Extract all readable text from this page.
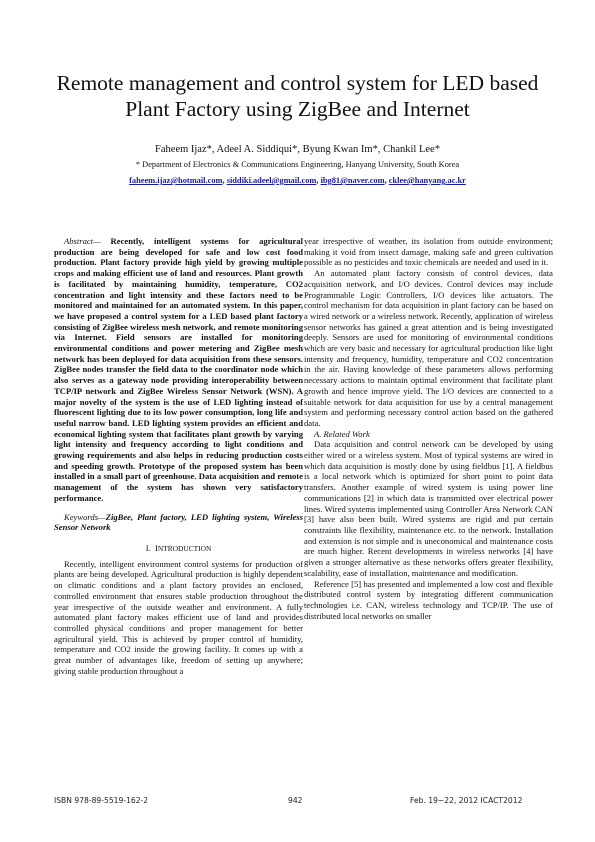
Remote management and control system for LED based Plant Factory using ZigBee and Internet
Faheem Ijaz*, Adeel A. Siddiqui*, Byung Kwan Im*, Chankil Lee*
* Department of Electronics & Communications Engineering, Hanyang University, South Korea
faheem.ijaz@hotmail.com, siddiki.adeel@gmail.com, ibg81@naver.com, cklee@hanyang.ac.kr

Abstract— Recently, intelligent systems for agricultural production are being developed for safe and low cost food production. Plant factory provide high yield by growing multiple crops and making efficient use of land and resources. Plant growth is facilitated by maintaining humidity, temperature, CO2 concentration and light intensity and these factors need to be monitored and maintained for an automated system. In this paper, we have proposed a control system for a LED based plant factory consisting of ZigBee wireless mesh network, and remote monitoring via Internet. Field sensors are installed for monitoring environmental conditions and power metering and ZigBee mesh network has been deployed for data acquisition from these sensors. ZigBee nodes transfer the field data to the coordinator node which also serves as a gateway node providing interoperability between TCP/IP network and ZigBee Wireless Sensor Network (WSN). A major novelty of the system is the use of LED lighting instead of fluorescent lighting due to its low power consumption, long life and useful narrow band. LED lighting system provides an efficient and economical lighting system that facilitates plant growth by varying light intensity and frequency according to light conditions and growing requirements and also helps in reducing production costs and speeding growth. Prototype of the proposed system has been installed in a small part of greenhouse. Data acquisition and remote management of the system has shown very satisfactory performance.

Keywords—ZigBee, Plant factory, LED lighting system, Wireless Sensor Network

I. INTRODUCTION

Recently, intelligent environment control systems for production of plants are being developed. Agricultural production is highly dependent on climatic conditions and a plant factory provides an enclosed, controlled environment that ensures stable production throughout the year irrespective of the outside weather and environment. A fully automated plant factory makes efficient use of land and provides controlled physical conditions and proper management for better agricultural yield. This is achieved by proper control of humidity, temperature and CO2 inside the growing facility. It comes up with a great number of advantages like, freedom of setting up anywhere; giving stable production throughout a

year irrespective of weather, its isolation from outside environment; making it void from insect damage, making safe and green cultivation possible as no pesticides and toxic chemicals are needed and used in it.

An automated plant factory consists of control devices, data acquisition network, and I/O devices. Control devices may include Programmable Logic Controllers, I/O devices like actuators. The control mechanism for data acquisition in plant factory can be based on a wired network or a wireless network. Recently, application of wireless sensor networks has gained a great attention and is being investigated deeply. Sensors are used for monitoring of environmental conditions which are very basic and necessary for agricultural production like light intensity and frequency, humidity, temperature and CO2 concentration in the air. Having knowledge of these parameters allows performing necessary actions to maintain optimal environment that facilitate plant growth and hence improve yield. The I/O devices are connected to a suitable network for data acquisition for use by a central management system and performing necessary control action based on the gathered data.

A. Related Work

Data acquisition and control network can be developed by using either wired or a wireless system. Most of typical systems are wired in which data acquisition is mostly done by using fieldbus [1]. A fieldbus is a local network which is optimized for short point to point data transfers. Another example of wired system is using power line communications [2] in which data is transmitted over electrical power lines. Wired systems implemented using Controller Area Network CAN [3] have also been built. Wired systems are rigid and put certain constraints like flexibility, maintenance etc. to the network. Installation and extension is not simple and is uneconomical and maintenance costs are much higher. Recent developments in wireless networks [4] have given a stronger alternative as these networks offers greater flexibility, scalability, ease of installation, maintenance and modification.

Reference [5] has presented and implemented a low cost and flexible distributed control system by integrating different communication technologies i.e. CAN, wireless technology and TCP/IP. The use of distributed local networks on smaller

ISBN 978-89-5519-162-2	942	Feb. 19~22, 2012 ICACT2012
